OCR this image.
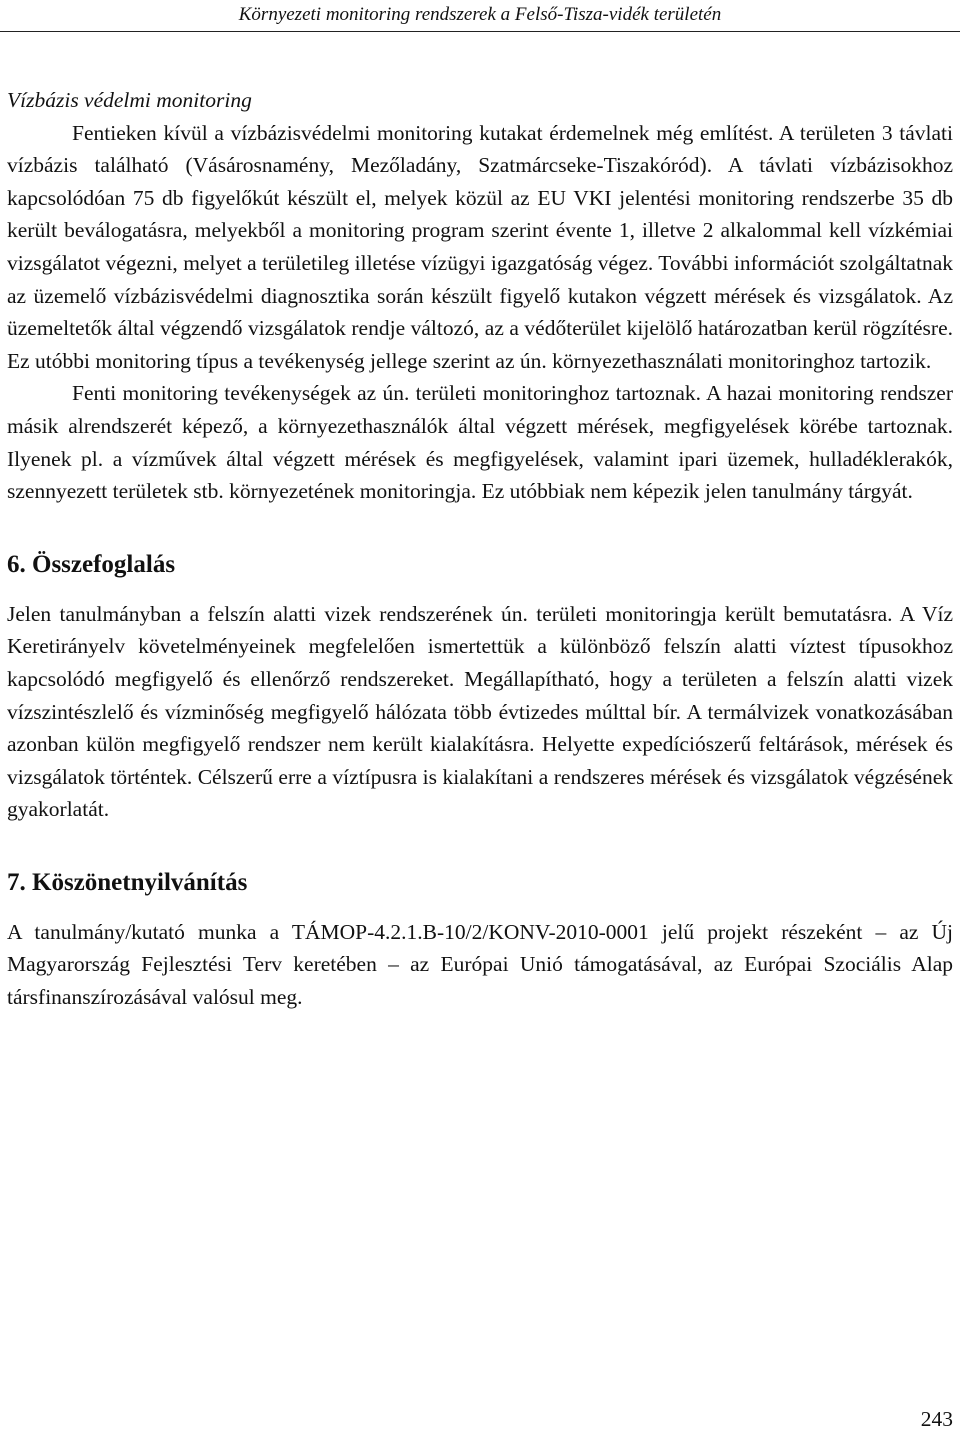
Környezeti monitoring rendszerek a Felső-Tisza-vidék területén
Vízbázis védelmi monitoring

Fentieken kívül a vízbázisvédelmi monitoring kutakat érdemelnek még említést. A területen 3 távlati vízbázis található (Vásárosnamény, Mezőladány, Szatmárcseke-Tiszakóród). A távlati vízbázisokhoz kapcsolódóan 75 db figyelőkút készült el, melyek közül az EU VKI jelentési monitoring rendszerbe 35 db került beválogatásra, melyekből a monitoring program szerint évente 1, illetve 2 alkalommal kell vízkémiai vizsgálatot végezni, melyet a területileg illetése vízügyi igazgatóság végez. További információt szolgáltatnak az üzemelő vízbázisvédelmi diagnosztika során készült figyelő kutakon végzett mérések és vizsgálatok. Az üzemeltetők által végzendő vizsgálatok rendje változó, az a védőterület kijelölő határozatban kerül rögzítésre. Ez utóbbi monitoring típus a tevékenység jellege szerint az ún. környezethasználati monitoringhoz tartozik.

Fenti monitoring tevékenységek az ún. területi monitoringhoz tartoznak. A hazai monitoring rendszer másik alrendszerét képező, a környezethasználók által végzett mérések, megfigyelések körébe tartoznak. Ilyenek pl. a vízművek által végzett mérések és megfigyelések, valamint ipari üzemek, hulladéklerakók, szennyezett területek stb. környezetének monitoringja. Ez utóbbiak nem képezik jelen tanulmány tárgyát.

6. Összefoglalás

Jelen tanulmányban a felszín alatti vizek rendszerének ún. területi monitoringja került bemutatásra. A Víz Keretirányelv követelményeinek megfelelően ismertettük a különböző felszín alatti víztest típusokhoz kapcsolódó megfigyelő és ellenőrző rendszereket. Megállapítható, hogy a területen a felszín alatti vizek vízszintészlelő és vízminőség megfigyelő hálózata több évtizedes múlttal bír. A termálvizek vonatkozásában azonban külön megfigyelő rendszer nem került kialakításra. Helyette expedíciószerű feltárások, mérések és vizsgálatok történtek. Célszerű erre a víztípusra is kialakítani a rendszeres mérések és vizsgálatok végzésének gyakorlatát.

7. Köszönetnyilvánítás

A tanulmány/kutató munka a TÁMOP-4.2.1.B-10/2/KONV-2010-0001 jelű projekt részeként – az Új Magyarország Fejlesztési Terv keretében – az Európai Unió támogatásával, az Európai Szociális Alap társfinanszírozásával valósul meg.

243
